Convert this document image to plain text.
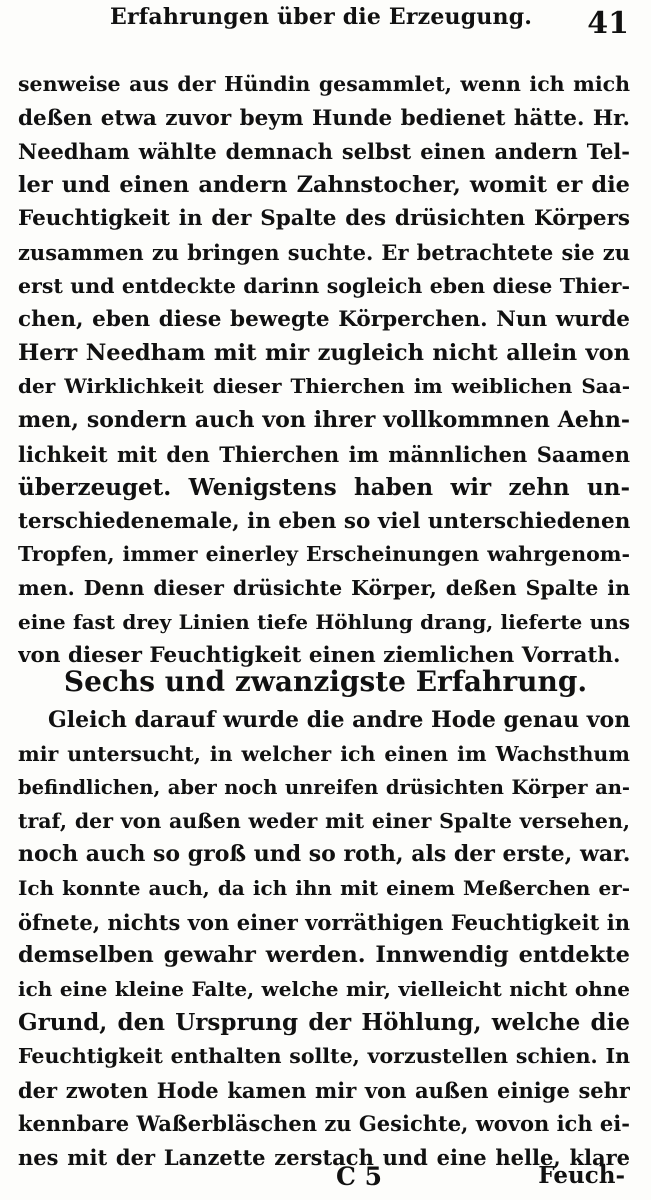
Erfahrungen über die Erzeugung. 41
senweise aus der Hündin gesammlet, wenn ich mich
deßen etwa zuvor beym Hunde bedienet hätte. Hr.
Needham wählte demnach selbst einen andern Tel-
ler und einen andern Zahnstocher, womit er die
Feuchtigkeit in der Spalte des drüsichten Körpers
zusammen zu bringen suchte. Er betrachtete sie zu
erst und entdeckte darinn sogleich eben diese Thier-
chen, eben diese bewegte Körperchen. Nun wurde
Herr Needham mit mir zugleich nicht allein von
der Wirklichkeit dieser Thierchen im weiblichen Saa-
men, sondern auch von ihrer vollkommnen Aehn-
lichkeit mit den Thierchen im männlichen Saamen
überzeuget. Wenigstens haben wir zehn un-
terschiedenemale, in eben so viel unterschiedenen
Tropfen, immer einerley Erscheinungen wahrgenom-
men. Denn dieser drüsichte Körper, deßen Spalte in
eine fast drey Linien tiefe Höhlung drang, lieferte uns
von dieser Feuchtigkeit einen ziemlichen Vorrath.
Sechs und zwanzigste Erfahrung.
Gleich darauf wurde die andre Hode genau von
mir untersucht, in welcher ich einen im Wachsthum
befindlichen, aber noch unreifen drüsichten Körper an-
traf, der von außen weder mit einer Spalte versehen,
noch auch so groß und so roth, als der erste, war.
Ich konnte auch, da ich ihn mit einem Meßerchen er-
öfnete, nichts von einer vorräthigen Feuchtigkeit in
demselben gewahr werden. Innwendig entdekte
ich eine kleine Falte, welche mir, vielleicht nicht ohne
Grund, den Ursprung der Höhlung, welche die
Feuchtigkeit enthalten sollte, vorzustellen schien. In
der zwoten Hode kamen mir von außen einige sehr
kennbare Waßerbläschen zu Gesichte, wovon ich ei-
nes mit der Lanzette zerstach und eine helle, klare
C 5	Feuch-
